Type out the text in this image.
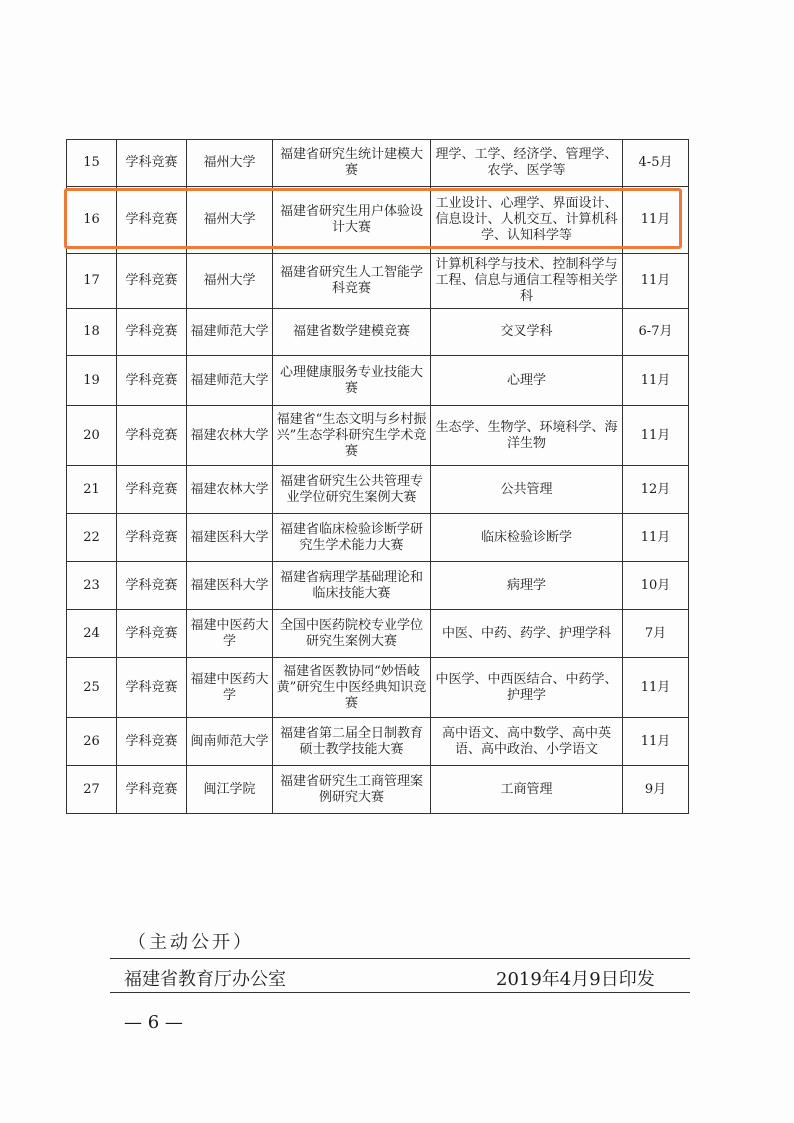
15	学科竞赛	福州大学	福建省研究生统计建模大赛	理学、工学、经济学、管理学、农学、医学等	4-5月
16	学科竞赛	福州大学	福建省研究生用户体验设计大赛	工业设计、心理学、界面设计、信息设计、人机交互、计算机科学、认知科学等	11月
17	学科竞赛	福州大学	福建省研究生人工智能学科竞赛	计算机科学与技术、控制科学与工程、信息与通信工程等相关学科	11月
18	学科竞赛	福建师范大学	福建省数学建模竞赛	交叉学科	6-7月
19	学科竞赛	福建师范大学	心理健康服务专业技能大赛	心理学	11月
20	学科竞赛	福建农林大学	福建省“生态文明与乡村振兴”生态学科研究生学术竞赛	生态学、生物学、环境科学、海洋生物	11月
21	学科竞赛	福建农林大学	福建省研究生公共管理专业学位研究生案例大赛	公共管理	12月
22	学科竞赛	福建医科大学	福建省临床检验诊断学研究生学术能力大赛	临床检验诊断学	11月
23	学科竞赛	福建医科大学	福建省病理学基础理论和临床技能大赛	病理学	10月
24	学科竞赛	福建中医药大学	全国中医药院校专业学位研究生案例大赛	中医、中药、药学、护理学科	7月
25	学科竞赛	福建中医药大学	福建省医教协同“妙悟岐黄”研究生中医经典知识竞赛	中医学、中西医结合、中药学、护理学	11月
26	学科竞赛	闽南师范大学	福建省第二届全日制教育硕士教学技能大赛	高中语文、高中数学、高中英语、高中政治、小学语文	11月
27	学科竞赛	闽江学院	福建省研究生工商管理案例研究大赛	工商管理	9月
（主动公开）
福建省教育厅办公室	2019年4月9日印发
— 6 —
